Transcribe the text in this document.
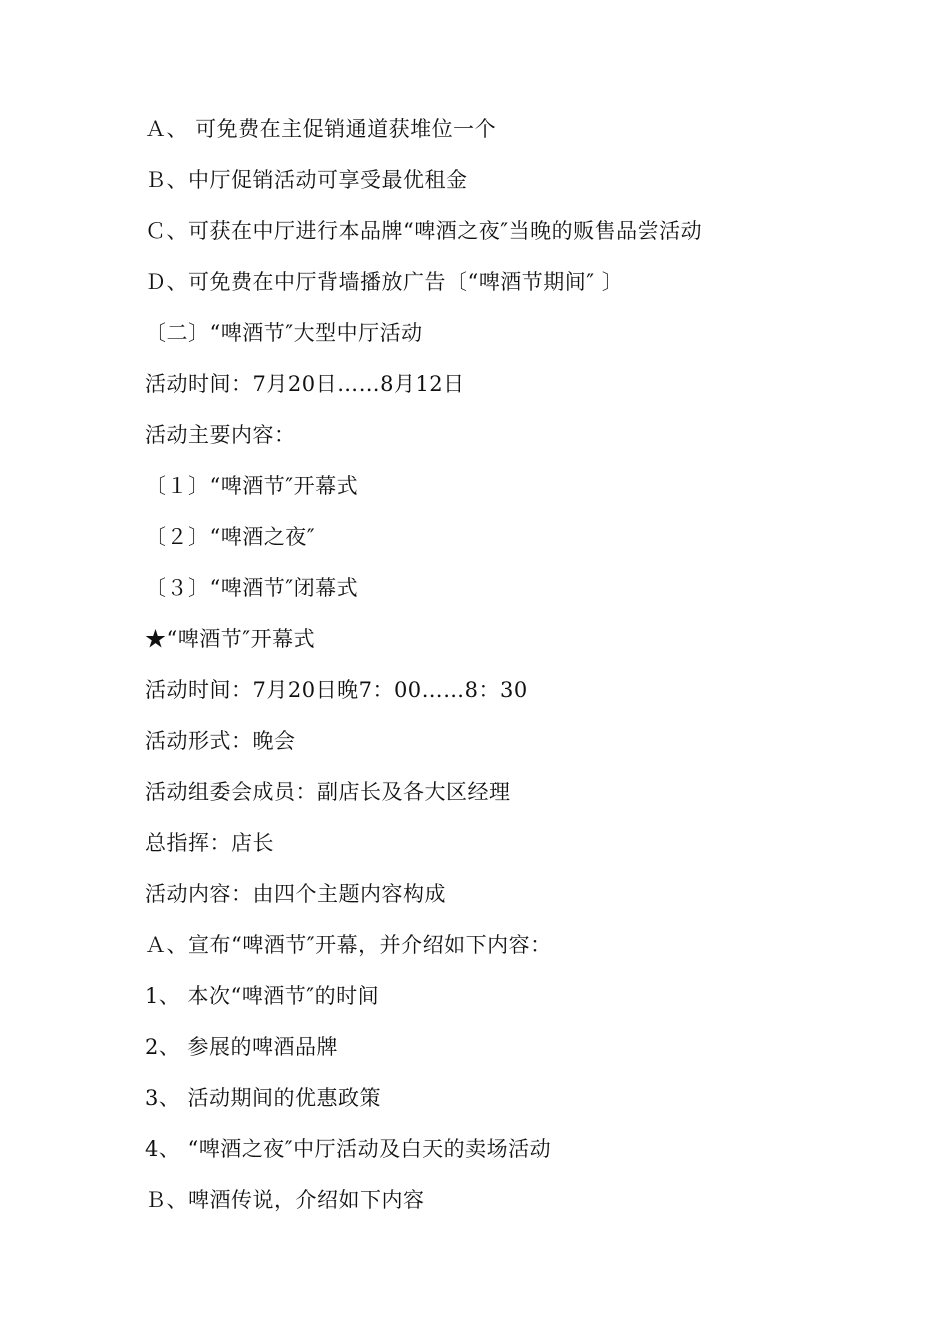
Ａ、 可免费在主促销通道获堆位一个
Ｂ、中厅促销活动可享受最优租金
Ｃ、可获在中厅进行本品牌“啤酒之夜″当晚的贩售品尝活动
Ｄ、可免费在中厅背墙播放广告〔“啤酒节期间″ 〕
〔二〕“啤酒节″大型中厅活动
活动时间：7月20日……8月12日
活动主要内容：
〔１〕“啤酒节″开幕式
〔２〕“啤酒之夜″
〔３〕“啤酒节″闭幕式
★“啤酒节″开幕式
活动时间：7月20日晚7：00……8：30
活动形式：晚会
活动组委会成员：副店长及各大区经理
总指挥：店长
活动内容：由四个主题内容构成
Ａ、宣布“啤酒节″开幕，并介绍如下内容：
1、 本次“啤酒节″的时间
2、 参展的啤酒品牌
3、 活动期间的优惠政策
4、 “啤酒之夜″中厅活动及白天的卖场活动
Ｂ、啤酒传说，介绍如下内容
